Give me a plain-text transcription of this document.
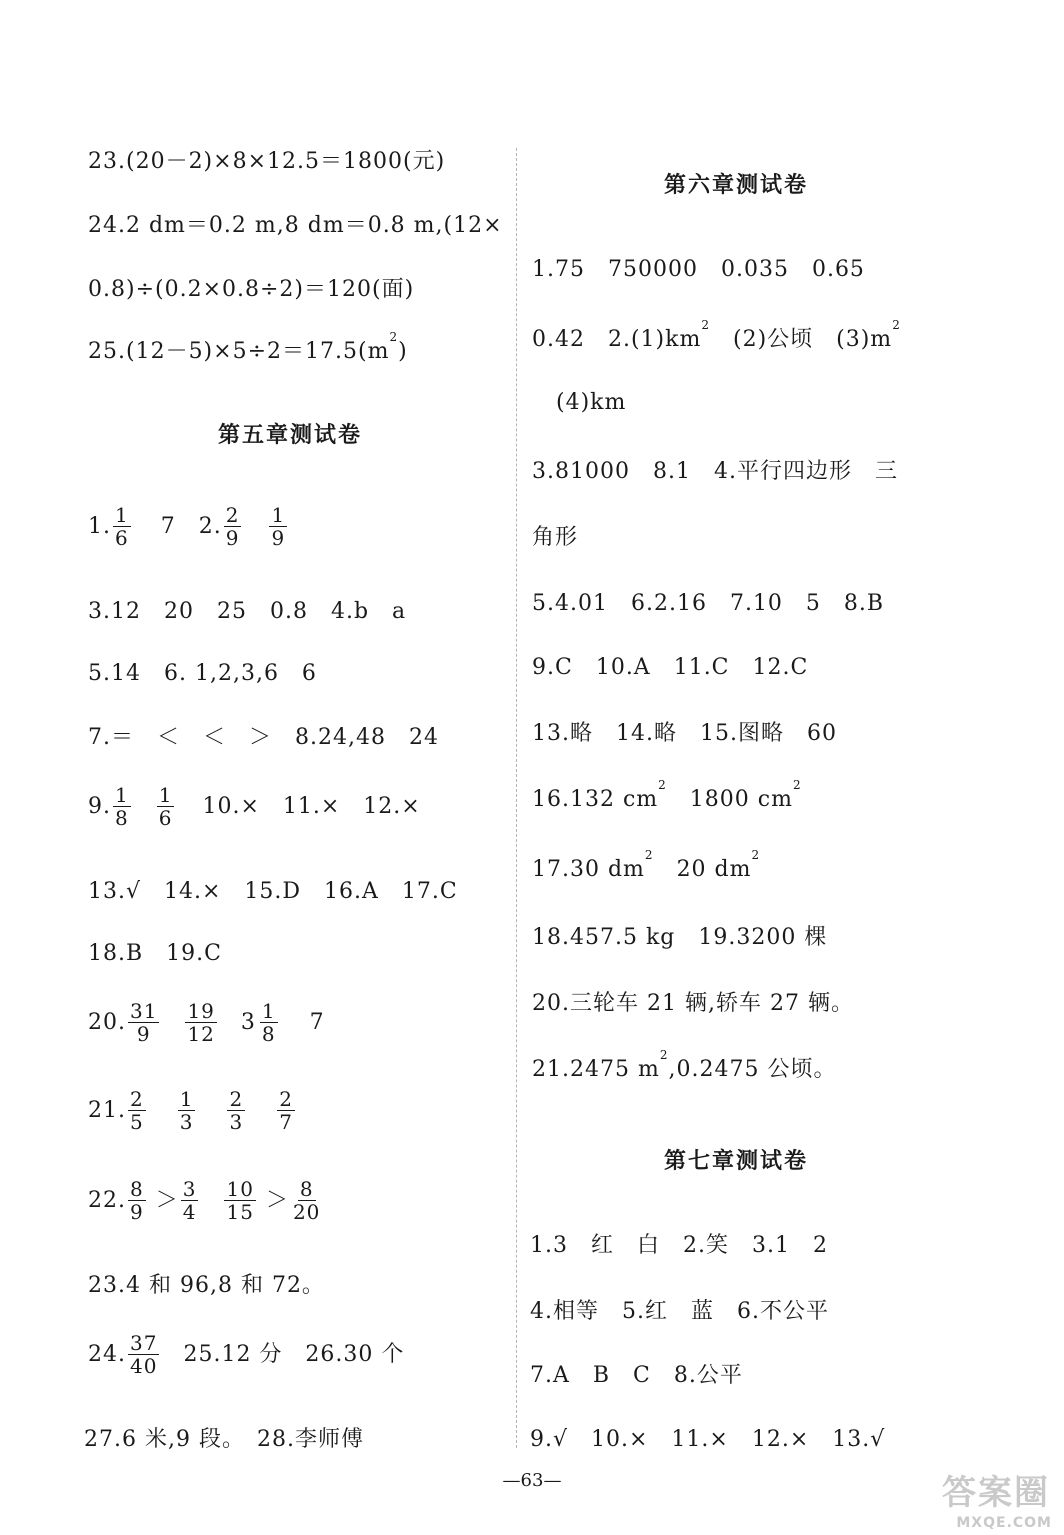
23.(20－2)×8×12.5＝1800(元)
24.2 dm＝0.2 m,8 dm＝0.8 m,(12×
0.8)÷(0.2×0.8÷2)＝120(面)
$25.(12-5)\times 5\div 2=17.5(m^2)$
第五章测试卷
1. $\frac{1}{6} 7$　2. $\frac{2}{9}$
$\frac{1}{9}$
3.12　20　25　0.8　4.b　a
5.14　6. 1,2,3,6　6
7.＝　＜　＜　＞　8.24,48　24
9. $\frac{1}{8}$
$\frac{1}{6} 10.\times$　11.×　12.×
13.√　14.×　15.D　16.A　17.C
18.B　19.C
20. $\frac{31}{9}$
$\frac{19}{12} 3 \frac{1}{8} 7$
21. $\frac{2}{5}$
$\frac{1}{3}$
$\frac{2}{3}$
$\frac{2}{7}$
22. $\frac{8}{9} > \frac{3}{4}$
$\frac{10}{15} > \frac{8}{20}$
23.4 和 96,8 和 72。
24. $\frac{37}{40} 25.12$ 分　26.30 个
27.6 米,9 段。　28.李师傅
第六章测试卷
1.75　750000　0.035　0.65
0.42　$2.(1)km^2$　(2)公顷　$(3)m^2$
(4)km
3.81000　8.1　4.平行四边形　三
角形
5.4.01　6.2.16　7.10　5　8.B
9.C　10.A　11.C　12.C
13.略　14.略　15.图略　60
16.132 $cm^2$　1800 $cm^2$
17.30 $dm^2$　20 $dm^2$
18.457.5 kg　19.3200 棵
20.三轮车 21 辆,轿车 27 辆。
21.2475 $m^2,0.2475$ 公顷。
第七章测试卷
1.3　红　白　2.笑　3.1　2
4.相等　5.红　蓝　6.不公平
7.A　B　C　8.公平
9.√　10.×　11.×　12.×　13.√
—63—	答案圈
MXQE.COM
